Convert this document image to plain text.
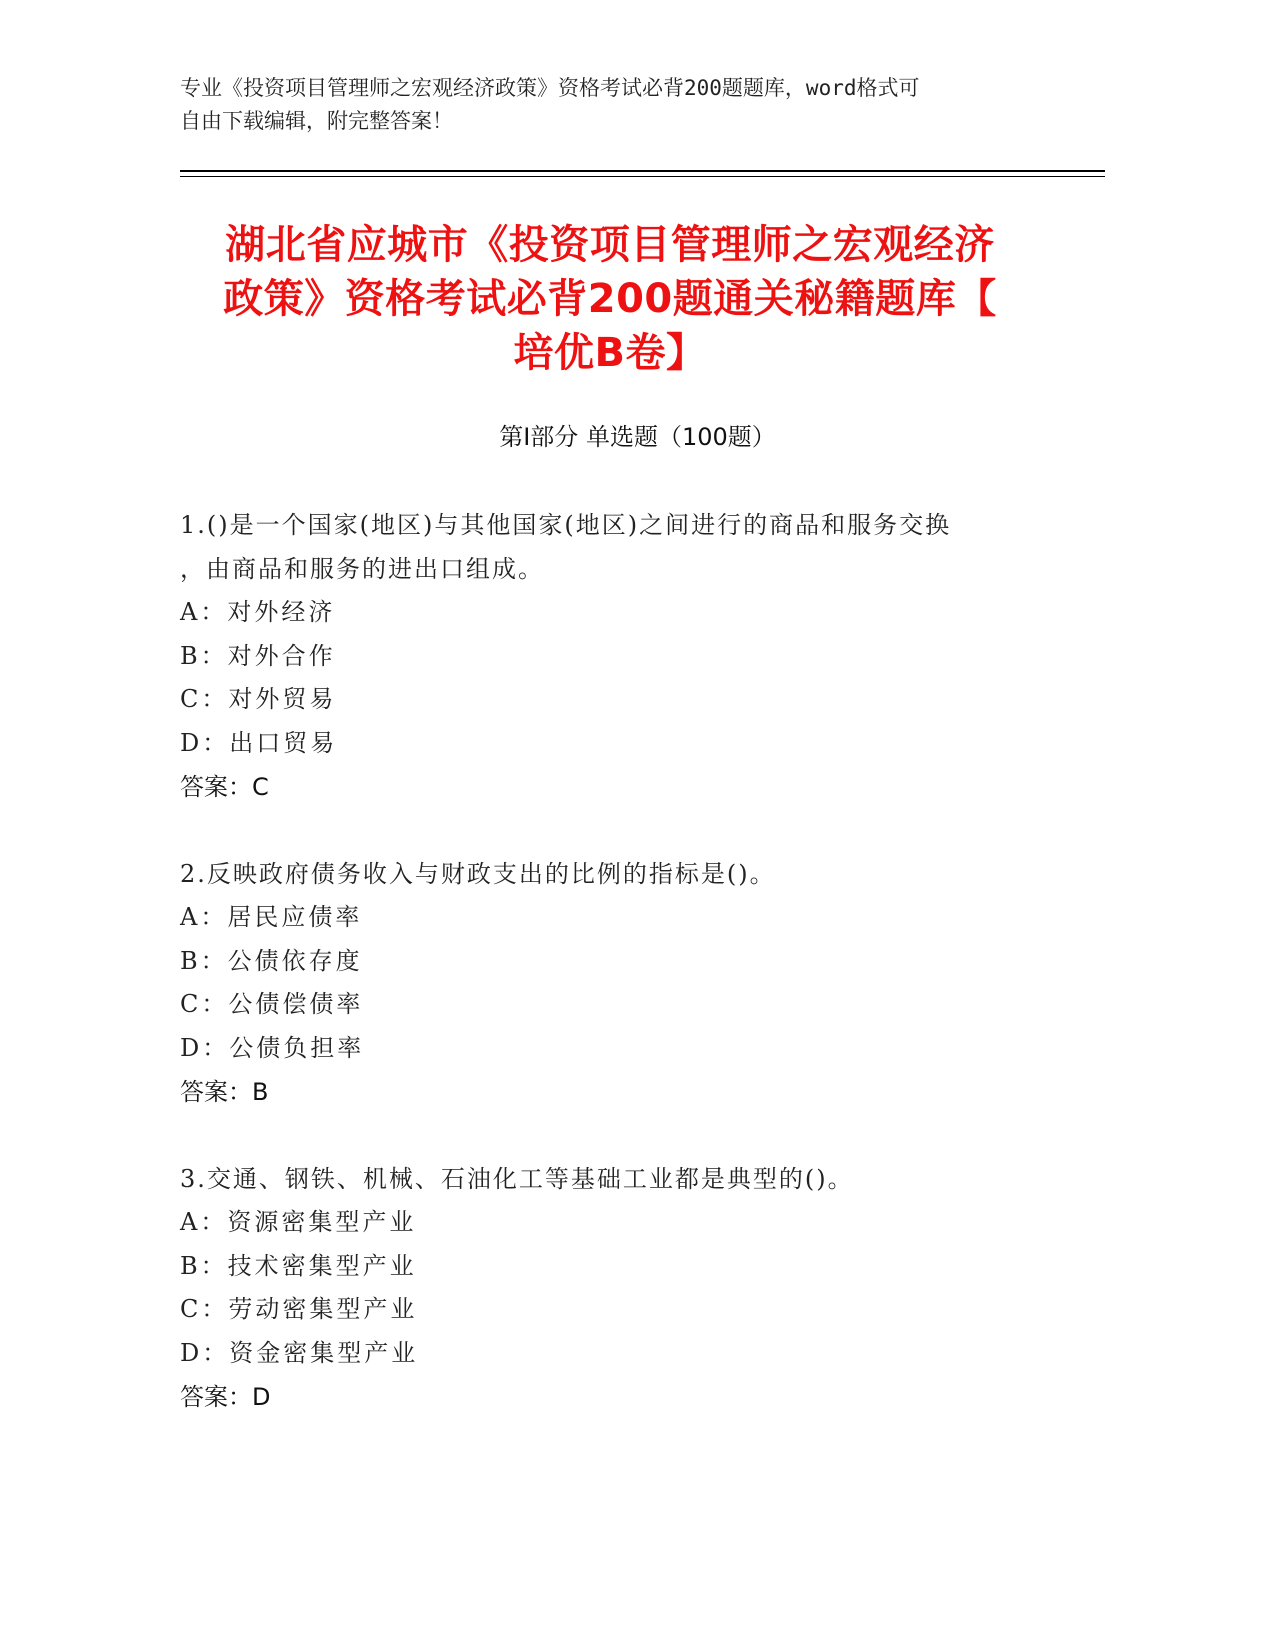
专业《投资项目管理师之宏观经济政策》资格考试必背200题题库，word格式可
自由下载编辑，附完整答案！
湖北省应城市《投资项目管理师之宏观经济
政策》资格考试必背200题通关秘籍题库【
培优B卷】
第Ⅰ部分 单选题（100题）
1.()是一个国家(地区)与其他国家(地区)之间进行的商品和服务交换
，由商品和服务的进出口组成。
A：对外经济
B：对外合作
C：对外贸易
D：出口贸易
答案：C
2.反映政府债务收入与财政支出的比例的指标是()。
A：居民应债率
B：公债依存度
C：公债偿债率
D：公债负担率
答案：B
3.交通、钢铁、机械、石油化工等基础工业都是典型的()。
A：资源密集型产业
B：技术密集型产业
C：劳动密集型产业
D：资金密集型产业
答案：D
